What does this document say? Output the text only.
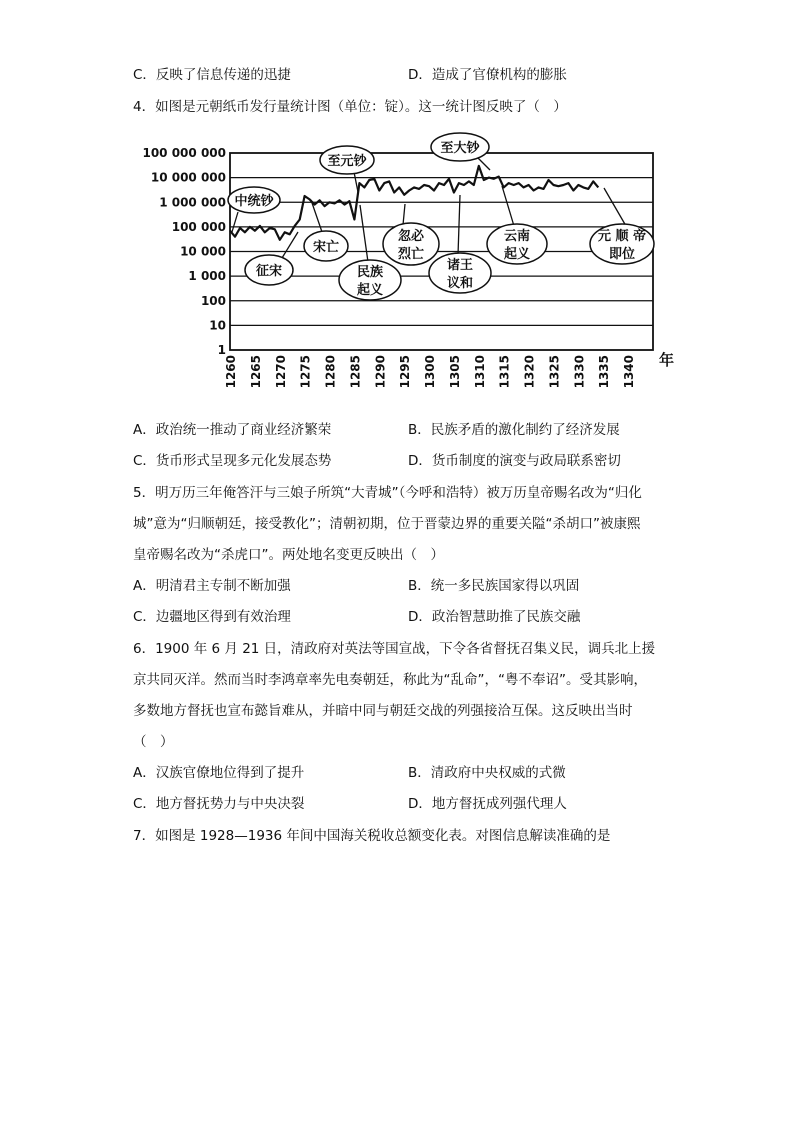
C．反映了信息传递的迅捷	D．造成了官僚机构的膨胀
4．如图是元朝纸币发行量统计图（单位：锭）。这一统计图反映了（　）
100 000 000
10 000 000
1 000 000
100 000
10 000
1 000
100
10
1
1260 1265 1270 1275 1280 1285 1290 1295 1300 1305 1310 1315 1320 1325 1330 1335 1340
中统钞
征宋
宋亡
至元钞
民族
起义
忽必
烈亡
至大钞
诸王
议和
云南
起义
元 顺 帝
即位
年
A．政治统一推动了商业经济繁荣	B．民族矛盾的激化制约了经济发展
C．货币形式呈现多元化发展态势	D．货币制度的演变与政局联系密切
5．明万历三年俺答汗与三娘子所筑“大青城”（今呼和浩特）被万历皇帝赐名改为“归化
城”意为“归顺朝廷，接受教化”；清朝初期，位于晋蒙边界的重要关隘“杀胡口”被康熙
皇帝赐名改为“杀虎口”。两处地名变更反映出（　）
A．明清君主专制不断加强	B．统一多民族国家得以巩固
C．边疆地区得到有效治理	D．政治智慧助推了民族交融
6．1900 年 6 月 21 日，清政府对英法等国宣战，下令各省督抚召集义民，调兵北上援
京共同灭洋。然而当时李鸿章率先电奏朝廷，称此为“乱命”，“粤不奉诏”。受其影响，
多数地方督抚也宣布懿旨难从，并暗中同与朝廷交战的列强接洽互保。这反映出当时
（　）
A．汉族官僚地位得到了提升	B．清政府中央权威的式微
C．地方督抚势力与中央决裂	D．地方督抚成列强代理人
7．如图是 1928—1936 年间中国海关税收总额变化表。对图信息解读准确的是
